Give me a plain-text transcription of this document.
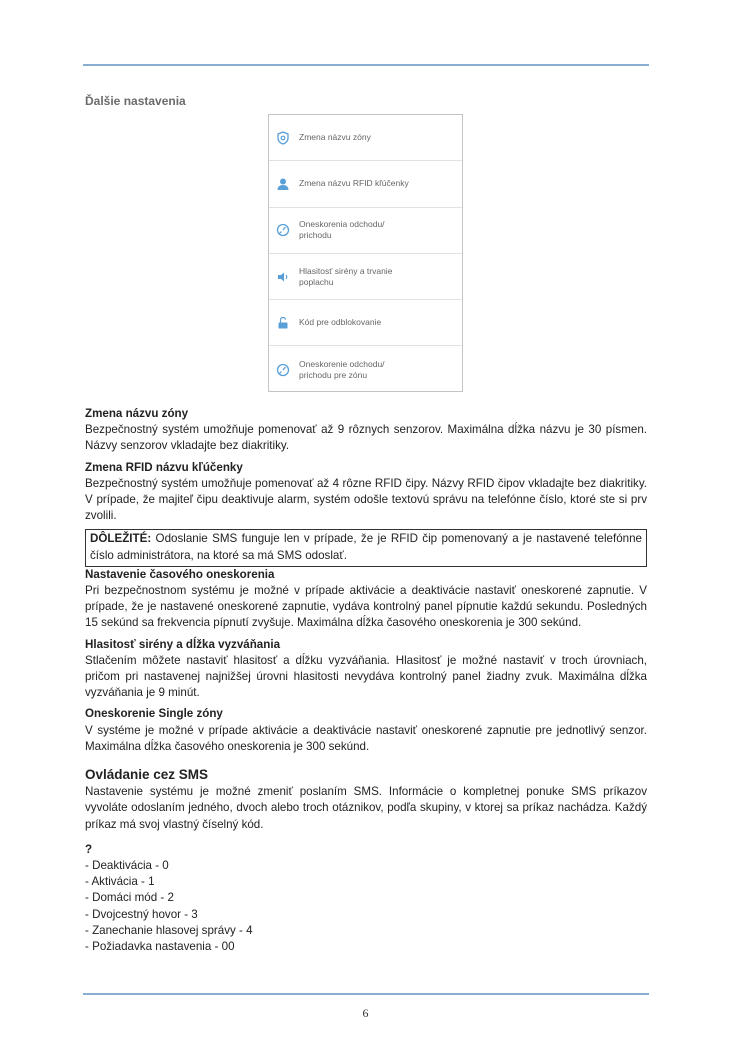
Ďalšie nastavenia
Zmena názvu zóny
Zmena názvu RFID kľúčenky
Oneskorenia odchodu/
prichodu
Hlasitosť sirény a trvanie
poplachu
Kód pre odblokovanie
Oneskorenie odchodu/
prichodu pre zónu
Zmena názvu zóny

Bezpečnostný systém umožňuje pomenovať až 9 rôznych senzorov. Maximálna dĺžka názvu je 30 písmen. Názvy senzorov vkladajte bez diakritiky.

Zmena RFID názvu kľúčenky

Bezpečnostný systém umožňuje pomenovať až 4 rôzne RFID čipy. Názvy RFID čipov vkladajte bez diakritiky. V prípade, že majiteľ čipu deaktivuje alarm, systém odošle textovú správu na telefónne číslo, ktoré ste si prv zvolili.

DÔLEŽITÉ: Odoslanie SMS funguje len v prípade, že je RFID čip pomenovaný a je nastavené telefónne číslo administrátora, na ktoré sa má SMS odoslať.

Nastavenie časového oneskorenia

Pri bezpečnostnom systému je možné v prípade aktivácie a deaktivácie nastaviť oneskorené zapnutie. V prípade, že je nastavené oneskorené zapnutie, vydáva kontrolný panel pípnutie každú sekundu. Posledných 15 sekúnd sa frekvencia pípnutí zvyšuje. Maximálna dĺžka časového oneskorenia je 300 sekúnd.

Hlasitosť sirény a dĺžka vyzváňania

Stlačením môžete nastaviť hlasitosť a dĺžku vyzváňania. Hlasitosť je možné nastaviť v troch úrovniach, pričom pri nastavenej najnižšej úrovni hlasitosti nevydáva kontrolný panel žiadny zvuk. Maximálna dĺžka vyzváňania je 9 minút.

Oneskorenie Single zóny

V systéme je možné v prípade aktivácie a deaktivácie nastaviť oneskorené zapnutie pre jednotlivý senzor. Maximálna dĺžka časového oneskorenia je 300 sekúnd.

Ovládanie cez SMS

Nastavenie systému je možné zmeniť poslaním SMS. Informácie o kompletnej ponuke SMS príkazov vyvoláte odoslaním jedného, dvoch alebo troch otáznikov, podľa skupiny, v ktorej sa príkaz nachádza. Každý príkaz má svoj vlastný číselný kód.

?
- Deaktivácia - 0
- Aktivácia - 1
- Domáci mód - 2
- Dvojcestný hovor - 3
- Zanechanie hlasovej správy - 4
- Požiadavka nastavenia - 00
6
